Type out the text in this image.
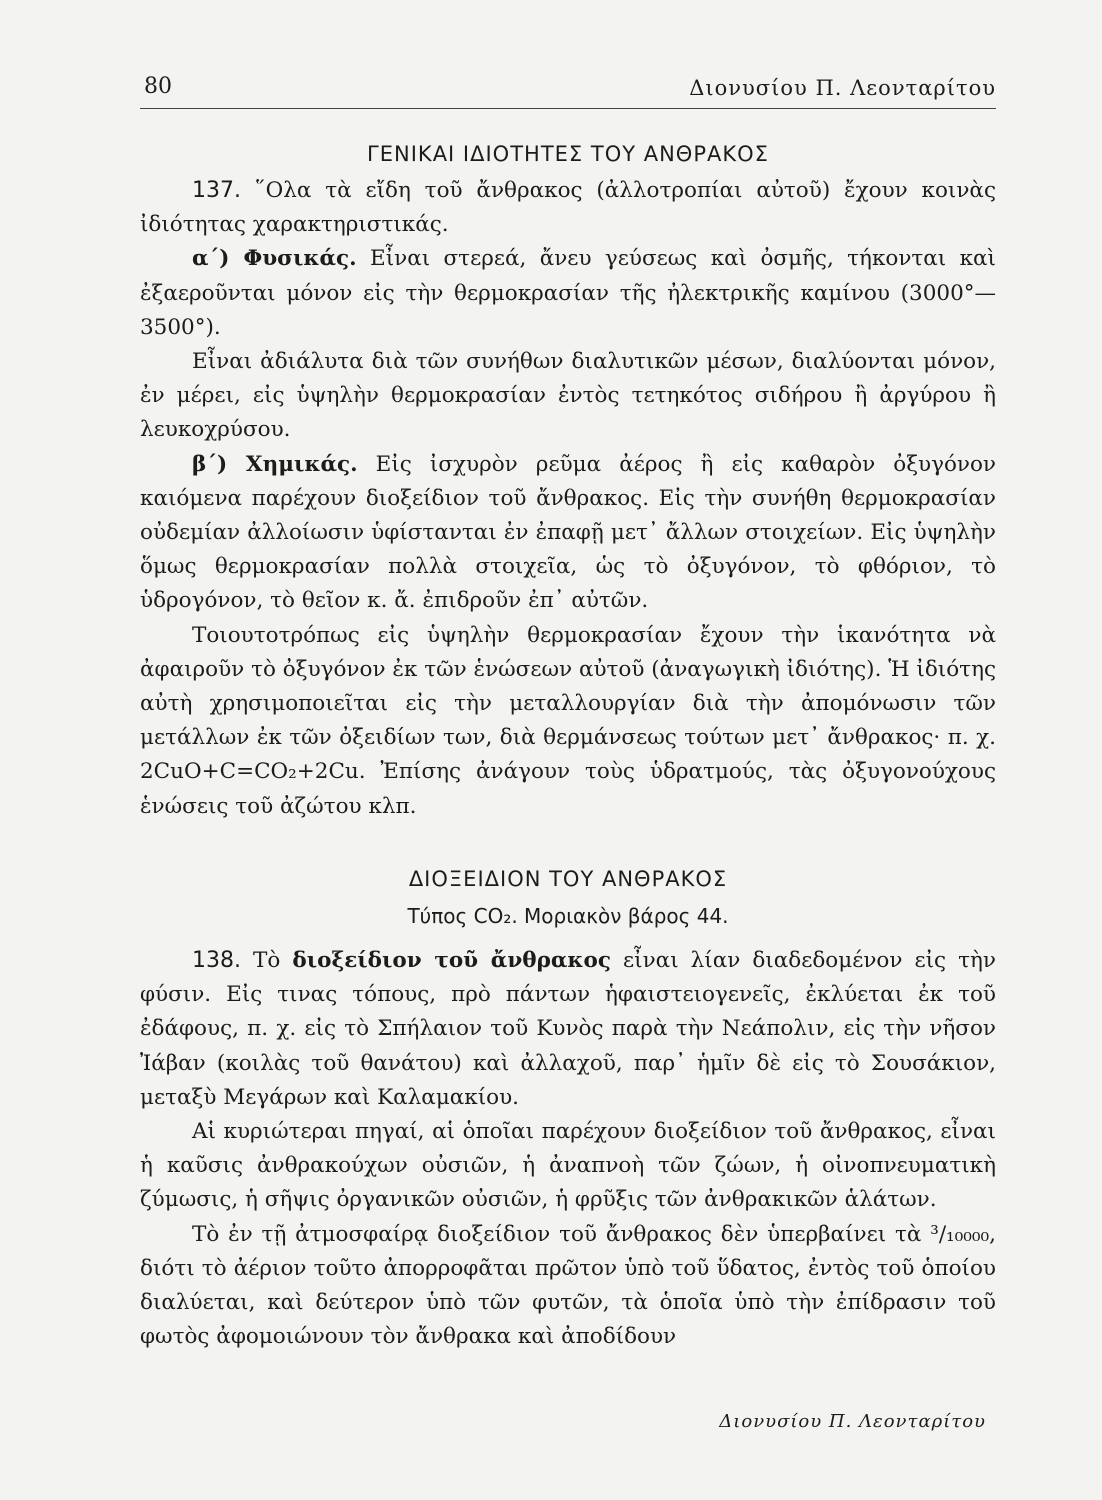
80	Διονυσίου Π. Λεονταρίτου
ΓΕΝΙΚΑΙ ΙΔΙΟΤΗΤΕΣ ΤΟΥ ΑΝΘΡΑΚΟΣ

137. ῞Ολα τὰ εἴδη τοῦ ἄνθρακος (ἀλλοτροπίαι αὐτοῦ) ἔχουν κοινὰς ἰδιότητας χαρακτηριστικάς.

α΄) Φυσικάς. Εἶναι στερεά, ἄνευ γεύσεως καὶ ὀσμῆς, τήκονται καὶ ἐξαεροῦνται μόνον εἰς τὴν θερμοκρασίαν τῆς ἠλεκτρικῆς καμίνου (3000°— 3500°).

Εἶναι ἀδιάλυτα διὰ τῶν συνήθων διαλυτικῶν μέσων, διαλύονται μόνον, ἐν μέρει, εἰς ὑψηλὴν θερμοκρασίαν ἐντὸς τετηκότος σιδήρου ἢ ἀργύρου ἢ λευκοχρύσου.

β΄) Χημικάς. Εἰς ἰσχυρὸν ρεῦμα ἀέρος ἢ εἰς καθαρὸν ὀξυγόνον καιόμενα παρέχουν διοξείδιον τοῦ ἄνθρακος. Εἰς τὴν συνήθη θερμοκρασίαν οὐδεμίαν ἀλλοίωσιν ὑφίστανται ἐν ἐπαφῇ μετ᾽ ἄλλων στοιχείων. Εἰς ὑψηλὴν ὅμως θερμοκρασίαν πολλὰ στοιχεῖα, ὡς τὸ ὀξυγόνον, τὸ φθόριον, τὸ ὑδρογόνον, τὸ θεῖον κ. ἄ. ἐπιδροῦν ἐπ᾽ αὐτῶν.

Τοιουτοτρόπως εἰς ὑψηλὴν θερμοκρασίαν ἔχουν τὴν ἱκανότητα νὰ ἀφαιροῦν τὸ ὀξυγόνον ἐκ τῶν ἑνώσεων αὐτοῦ (ἀναγωγικὴ ἰδιότης). Ἡ ἰδιότης αὐτὴ χρησιμοποιεῖται εἰς τὴν μεταλλουργίαν διὰ τὴν ἀπομόνωσιν τῶν μετάλλων ἐκ τῶν ὀξειδίων των, διὰ θερμάνσεως τούτων μετ᾽ ἄνθρακος· π. χ. 2CuO+C=CO₂+2Cu. Ἐπίσης ἀνάγουν τοὺς ὑδρατμούς, τὰς ὀξυγονούχους ἑνώσεις τοῦ ἀζώτου κλπ.

ΔΙΟΞΕΙΔΙΟΝ ΤΟΥ ΑΝΘΡΑΚΟΣ
Τύπος CO₂. Μοριακὸν βάρος 44.

138. Τὸ διοξείδιον τοῦ ἄνθρακος εἶναι λίαν διαδεδομένον εἰς τὴν φύσιν. Εἰς τινας τόπους, πρὸ πάντων ἡφαιστειογενεῖς, ἐκλύεται ἐκ τοῦ ἐδάφους, π. χ. εἰς τὸ Σπήλαιον τοῦ Κυνὸς παρὰ τὴν Νεάπολιν, εἰς τὴν νῆσον Ἰάβαν (κοιλὰς τοῦ θανάτου) καὶ ἀλλαχοῦ, παρ᾽ ἡμῖν δὲ εἰς τὸ Σουσάκιον, μεταξὺ Μεγάρων καὶ Καλαμακίου.

Αἱ κυριώτεραι πηγαί, αἱ ὁποῖαι παρέχουν διοξείδιον τοῦ ἄνθρακος, εἶναι ἡ καῦσις ἀνθρακούχων οὐσιῶν, ἡ ἀναπνοὴ τῶν ζώων, ἡ οἰνοπνευματικὴ ζύμωσις, ἡ σῆψις ὀργανικῶν οὐσιῶν, ἡ φρῦξις τῶν ἀνθρακικῶν ἁλάτων.

Τὸ ἐν τῇ ἀτμοσφαίρᾳ διοξείδιον τοῦ ἄνθρακος δὲν ὑπερβαίνει τὰ ³/₁₀₀₀₀, διότι τὸ ἀέριον τοῦτο ἀπορροφᾶται πρῶτον ὑπὸ τοῦ ὕδατος, ἐντὸς τοῦ ὁποίου διαλύεται, καὶ δεύτερον ὑπὸ τῶν φυτῶν, τὰ ὁποῖα ὑπὸ τὴν ἐπίδρασιν τοῦ φωτὸς ἀφομοιώνουν τὸν ἄνθρακα καὶ ἀποδίδουν

Διονυσίου Π. Λεονταρίτου
